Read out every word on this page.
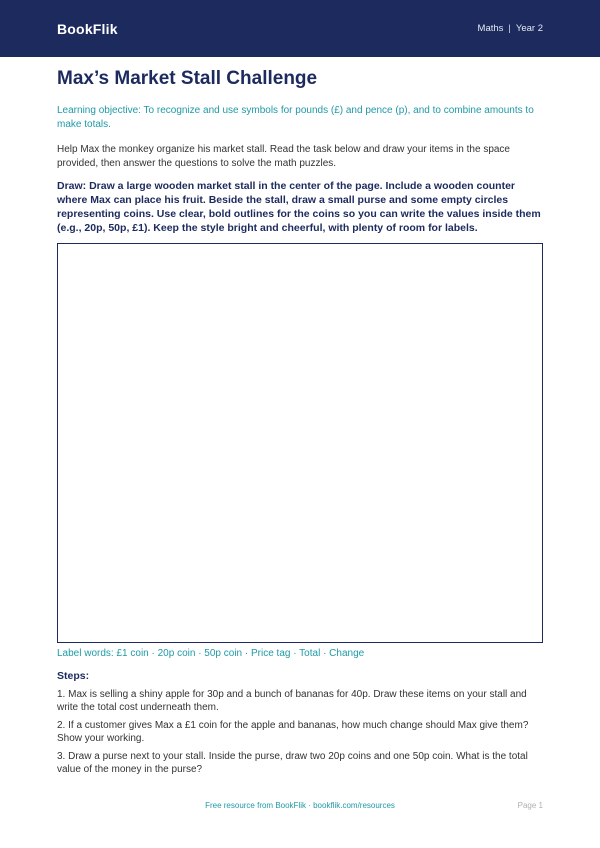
BookFlik	Maths | Year 2
Max’s Market Stall Challenge

Learning objective: To recognize and use symbols for pounds (£) and pence (p), and to combine amounts to make totals.

Help Max the monkey organize his market stall. Read the task below and draw your items in the space provided, then answer the questions to solve the math puzzles.

Draw: Draw a large wooden market stall in the center of the page. Include a wooden counter where Max can place his fruit. Beside the stall, draw a small purse and some empty circles representing coins. Use clear, bold outlines for the coins so you can write the values inside them (e.g., 20p, 50p, £1). Keep the style bright and cheerful, with plenty of room for labels.

Label words: £1 coin · 20p coin · 50p coin · Price tag · Total · Change
Steps:

1. Max is selling a shiny apple for 30p and a bunch of bananas for 40p. Draw these items on your stall and write the total cost underneath them.

2. If a customer gives Max a £1 coin for the apple and bananas, how much change should Max give them? Show your working.

3. Draw a purse next to your stall. Inside the purse, draw two 20p coins and one 50p coin. What is the total value of the money in the purse?

Free resource from BookFlik · bookflik.com/resources	Page 1
